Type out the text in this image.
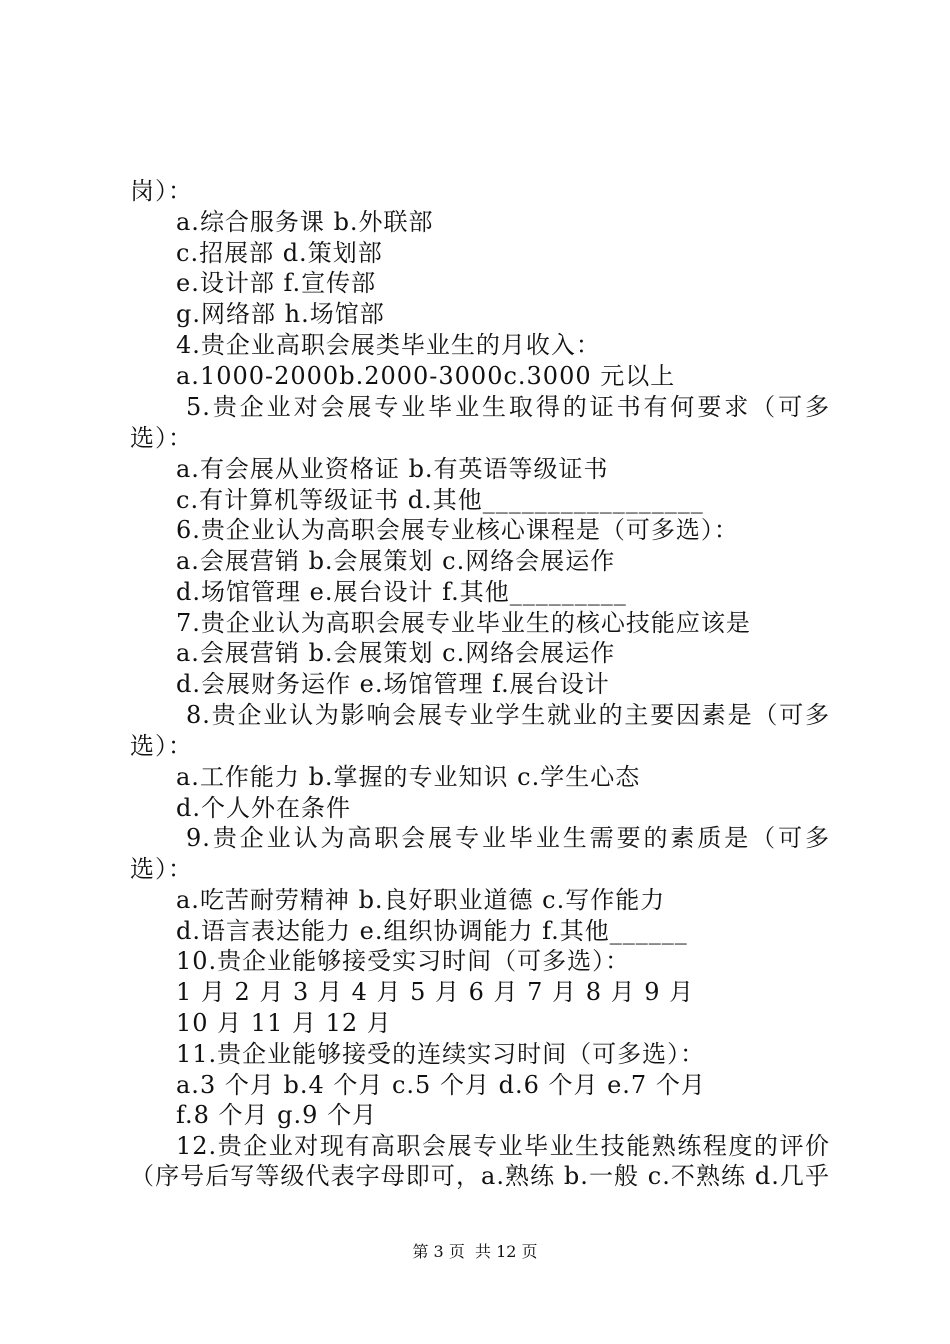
岗）：
a.综合服务课 b.外联部
c.招展部 d.策划部
e.设计部 f.宣传部
g.网络部 h.场馆部
4.贵企业高职会展类毕业生的月收入：
a.1000-2000b.2000-3000c.3000 元以上
5.贵企业对会展专业毕业生取得的证书有何要求（可多
选）：
a.有会展从业资格证 b.有英语等级证书
c.有计算机等级证书 d.其他_________________
6.贵企业认为高职会展专业核心课程是（可多选）：
a.会展营销 b.会展策划 c.网络会展运作
d.场馆管理 e.展台设计 f.其他_________
7.贵企业认为高职会展专业毕业生的核心技能应该是
a.会展营销 b.会展策划 c.网络会展运作
d.会展财务运作 e.场馆管理 f.展台设计
8.贵企业认为影响会展专业学生就业的主要因素是（可多
选）：
a.工作能力 b.掌握的专业知识 c.学生心态
d.个人外在条件
9.贵企业认为高职会展专业毕业生需要的素质是（可多
选）：
a.吃苦耐劳精神 b.良好职业道德 c.写作能力
d.语言表达能力 e.组织协调能力 f.其他______
10.贵企业能够接受实习时间（可多选）：
1 月 2 月 3 月 4 月 5 月 6 月 7 月 8 月 9 月
10 月 11 月 12 月
11.贵企业能够接受的连续实习时间（可多选）：
a.3 个月 b.4 个月 c.5 个月 d.6 个月 e.7 个月
f.8 个月 g.9 个月
12.贵企业对现有高职会展专业毕业生技能熟练程度的评价
（序号后写等级代表字母即可，a.熟练 b.一般 c.不熟练 d.几乎
第 3 页  共 12 页
